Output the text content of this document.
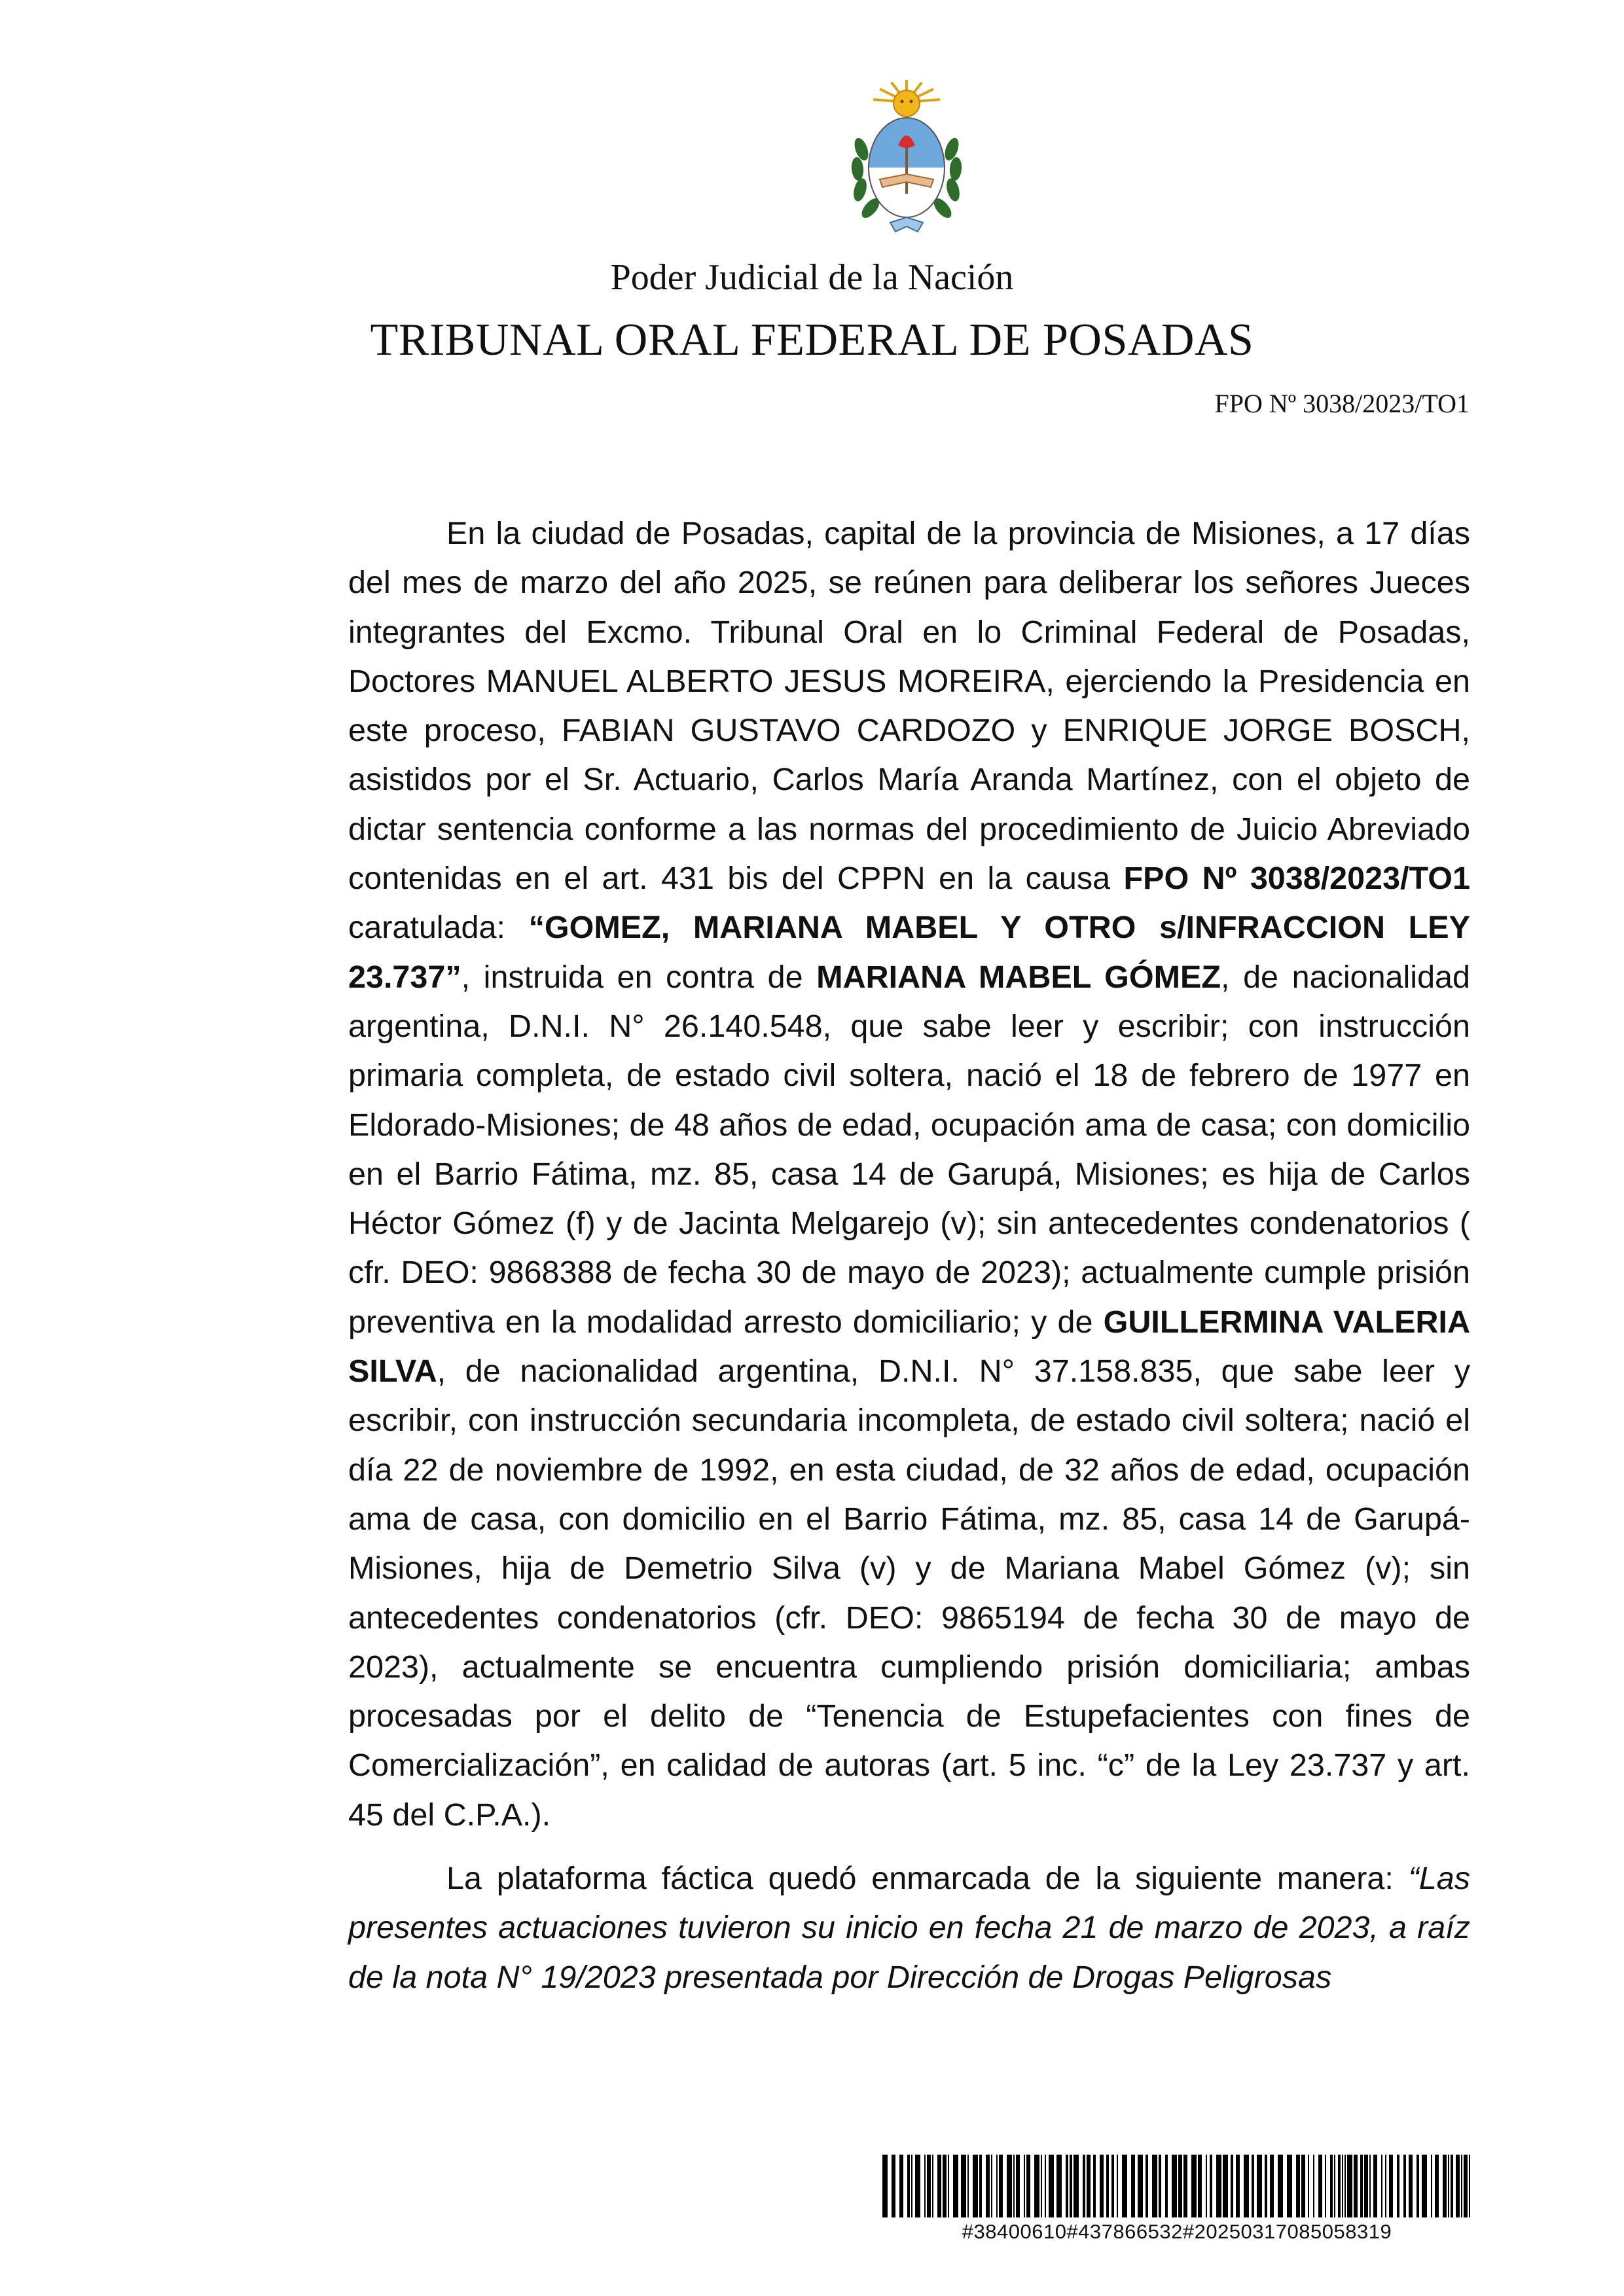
Poder Judicial de la Nación
TRIBUNAL ORAL FEDERAL DE POSADAS
FPO Nº 3038/2023/TO1

En la ciudad de Posadas, capital de la provincia de Misiones, a 17 días del mes de marzo del año 2025, se reúnen para deliberar los señores Jueces integrantes del Excmo. Tribunal Oral en lo Criminal Federal de Posadas, Doctores MANUEL ALBERTO JESUS MOREIRA, ejerciendo la Presidencia en este proceso, FABIAN GUSTAVO CARDOZO y ENRIQUE JORGE BOSCH, asistidos por el Sr. Actuario, Carlos María Aranda Martínez, con el objeto de dictar sentencia conforme a las normas del procedimiento de Juicio Abreviado contenidas en el art. 431 bis del CPPN en la causa FPO Nº 3038/2023/TO1 caratulada: “GOMEZ, MARIANA MABEL Y OTRO s/INFRACCION LEY 23.737”, instruida en contra de MARIANA MABEL GÓMEZ, de nacionalidad argentina, D.N.I. N° 26.140.548, que sabe leer y escribir; con instrucción primaria completa, de estado civil soltera, nació el 18 de febrero de 1977 en Eldorado-Misiones; de 48 años de edad, ocupación ama de casa; con domicilio en el Barrio Fátima, mz. 85, casa 14 de Garupá, Misiones; es hija de Carlos Héctor Gómez (f) y de Jacinta Melgarejo (v); sin antecedentes condenatorios ( cfr. DEO: 9868388 de fecha 30 de mayo de 2023); actualmente cumple prisión preventiva en la modalidad arresto domiciliario; y de GUILLERMINA VALERIA SILVA, de nacionalidad argentina, D.N.I. N° 37.158.835, que sabe leer y escribir, con instrucción secundaria incompleta, de estado civil soltera; nació el día 22 de noviembre de 1992, en esta ciudad, de 32 años de edad, ocupación ama de casa, con domicilio en el Barrio Fátima, mz. 85, casa 14 de Garupá-Misiones, hija de Demetrio Silva (v) y de Mariana Mabel Gómez (v); sin antecedentes condenatorios (cfr. DEO: 9865194 de fecha 30 de mayo de 2023), actualmente se encuentra cumpliendo prisión domiciliaria; ambas procesadas por el delito de “Tenencia de Estupefacientes con fines de Comercialización”, en calidad de autoras (art. 5 inc. “c” de la Ley 23.737 y art. 45 del C.P.A.).

La plataforma fáctica quedó enmarcada de la siguiente manera: “Las presentes actuaciones tuvieron su inicio en fecha 21 de marzo de 2023, a raíz de la nota N° 19/2023 presentada por Dirección de Drogas Peligrosas

#38400610#437866532#20250317085058319
